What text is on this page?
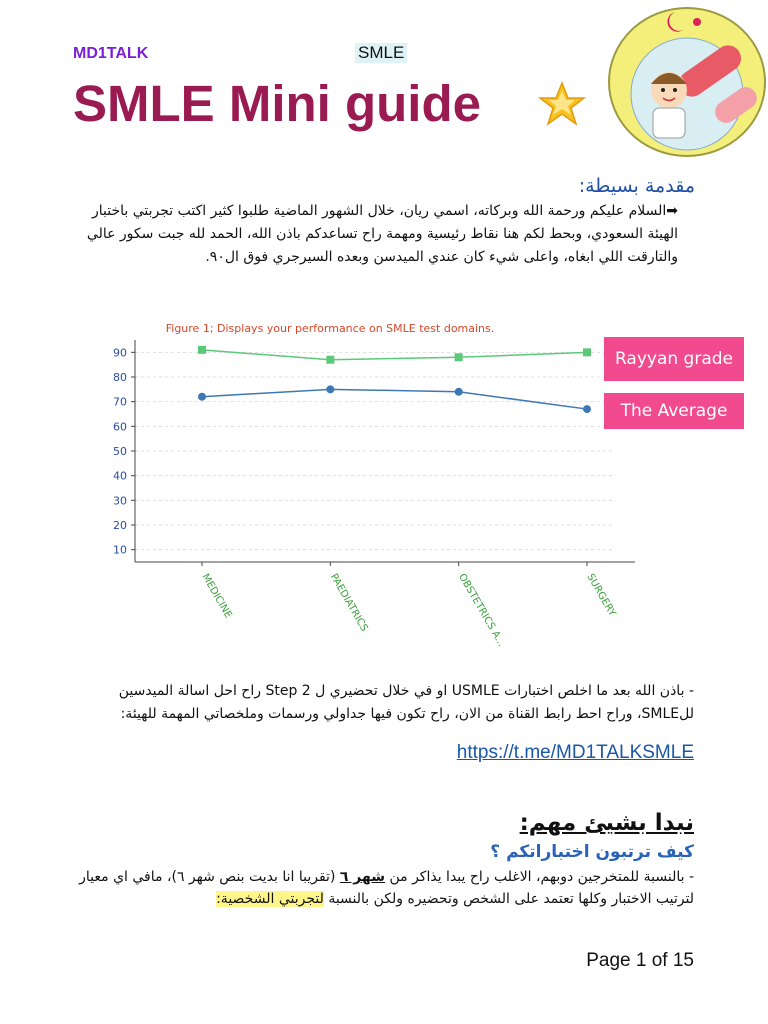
MD1TALK	SMLE
SMLE Mini guide
مقدمة بسيطة:
➡السلام عليكم ورحمة الله وبركاته، اسمي ريان، خلال الشهور الماضية طلبوا كثير اكتب تجربتي باختبار الهيئة السعودي، وبحط لكم هنا نقاط رئيسية ومهمة راح تساعدكم باذن الله، الحمد لله جبت سكور عالي والتارقت اللي ابغاه، واعلى شيء كان عندي الميدسن وبعده السيرجري فوق ال٩٠.
Figure 1; Displays your performance on SMLE test domains.
10
20
30
40
50
60
70
80
90
MEDICINE	PAEDIATRICS	OBSTETRICS A...	SURGERY
Rayyan grade
The Average
- باذن الله بعد ما اخلص اختبارات USMLE او في خلال تحضيري ل Step 2 راح احل اسالة الميدسين للSMLE، وراح احط رابط القناة من الان، راح تكون فيها جداولي ورسمات وملخصاتي المهمة للهيئة:
https://t.me/MD1TALKSMLE
نبدا بشيئ مهم:
كيف ترتبون اختباراتكم ؟
- بالنسبة للمتخرجين دوبهم، الاغلب راح يبدا يذاكر من شهر ٦ (تقريبا انا بديت بنص شهر ٦)، مافي اي معيار لترتيب الاختبار وكلها تعتمد على الشخص وتحضيره ولكن بالنسبة لتجربتي الشخصية:
Page 1 of 15
